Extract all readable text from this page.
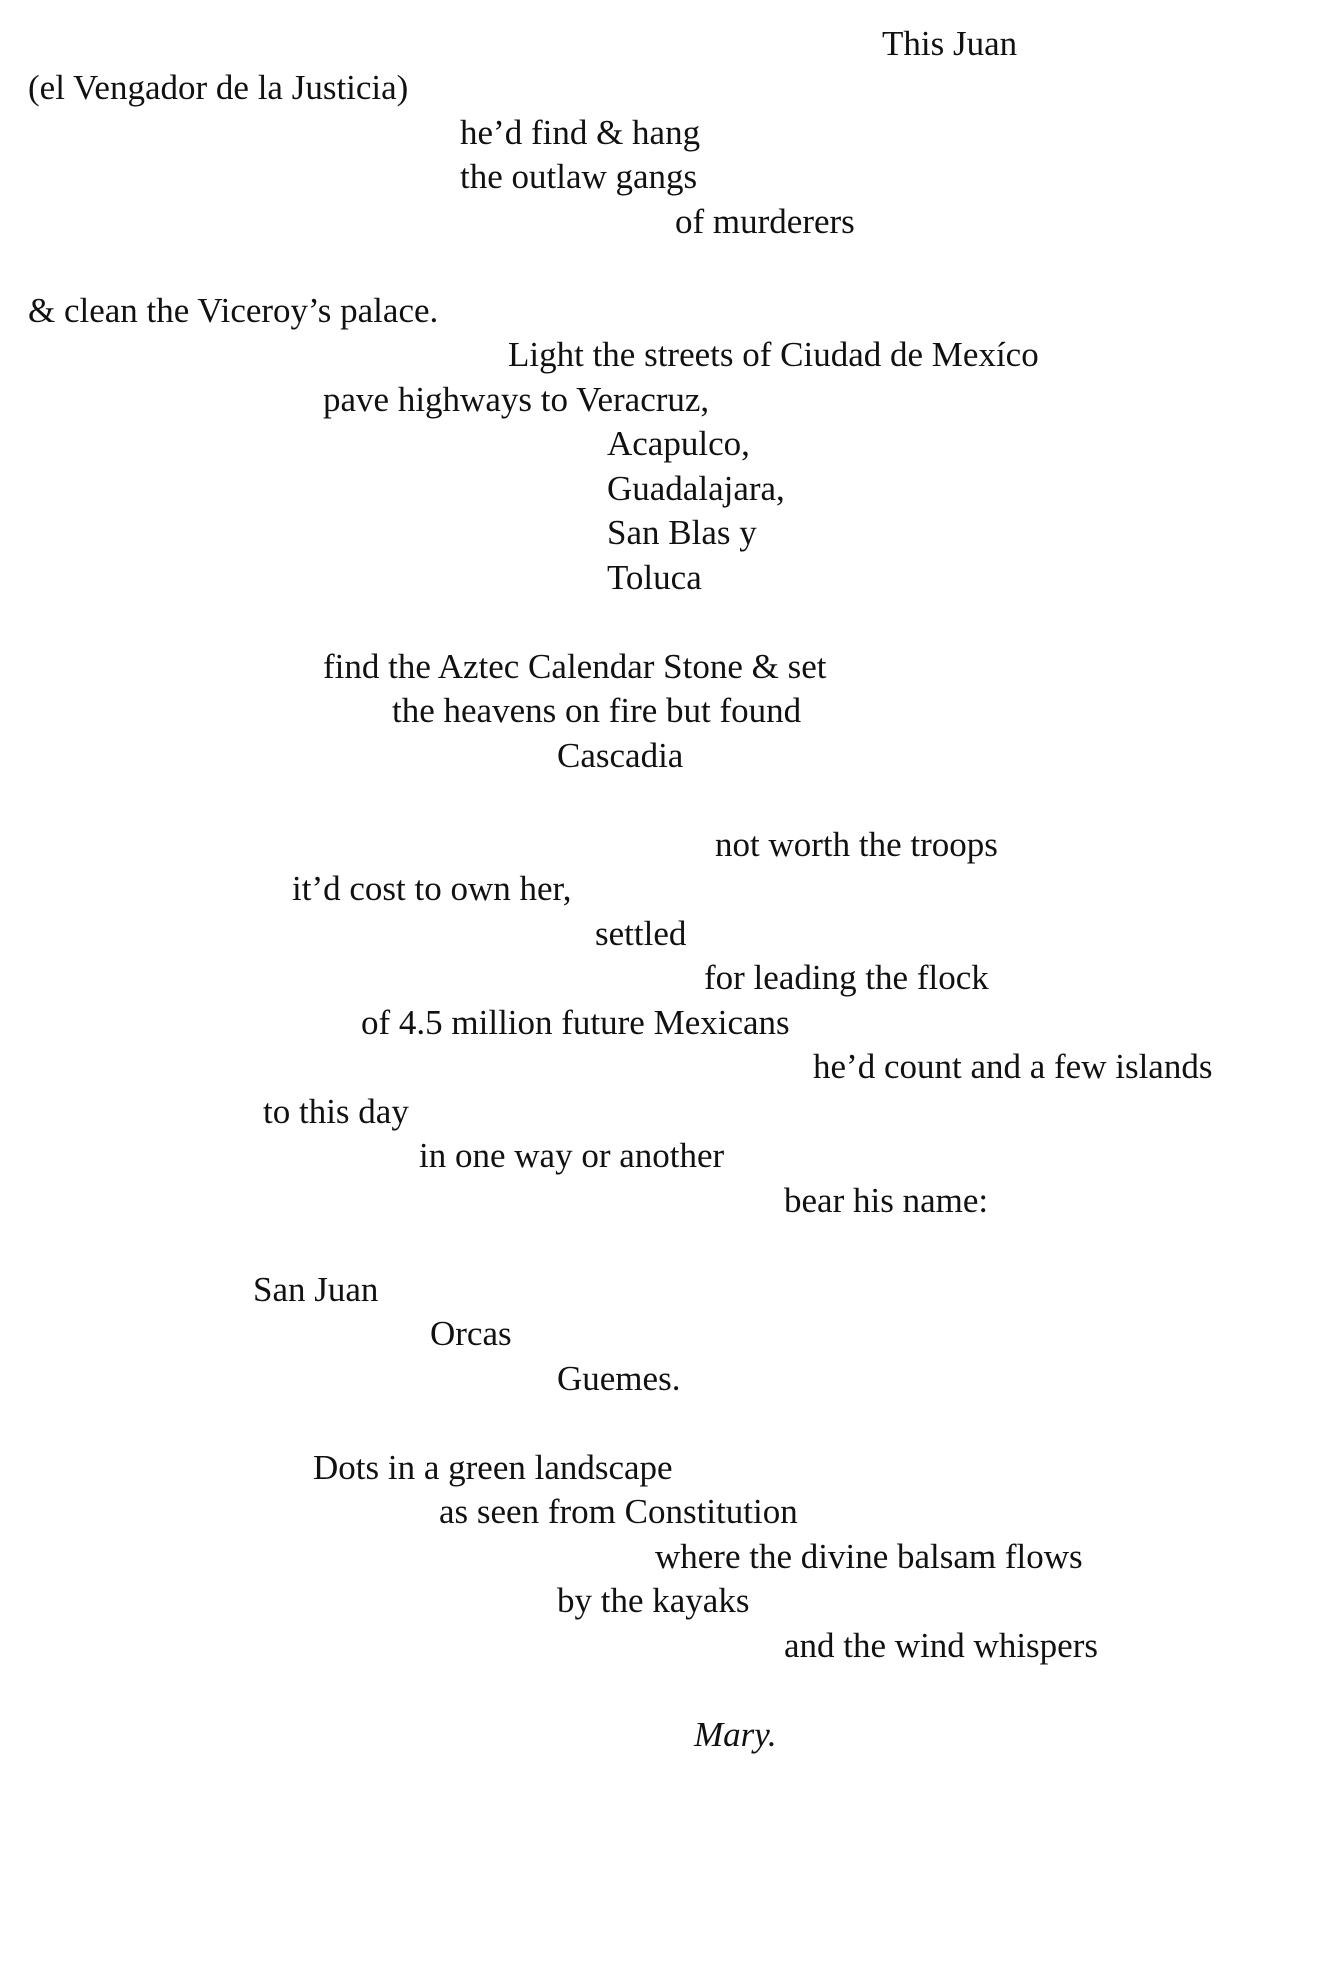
This Juan

(el Vengador de la Justicia)

he’d find & hang

the outlaw gangs

of murderers

& clean the Viceroy’s palace.

Light the streets of Ciudad de Mexíco

pave highways to Veracruz,

Acapulco,

Guadalajara,

San Blas y

Toluca

find the Aztec Calendar Stone & set

the heavens on fire but found

Cascadia

not worth the troops

it’d cost to own her,

settled

for leading the flock

of 4.5 million future Mexicans

he’d count and a few islands

to this day

in one way or another

bear his name:

San Juan

Orcas

Guemes.

Dots in a green landscape

as seen from Constitution

where the divine balsam flows

by the kayaks

and the wind whispers

Mary.
